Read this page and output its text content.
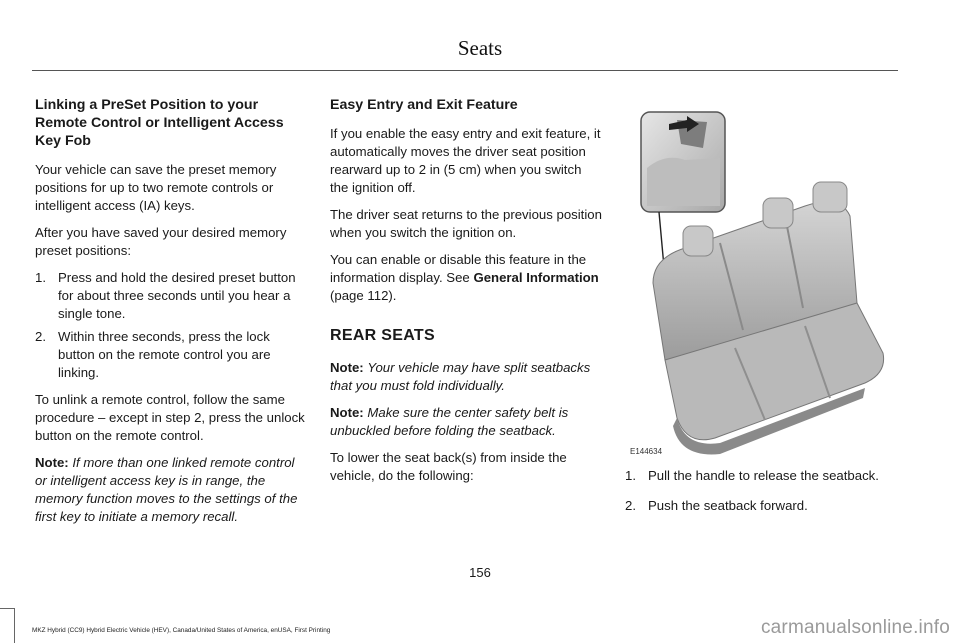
Seats
Linking a PreSet Position to your Remote Control or Intelligent Access Key Fob

Your vehicle can save the preset memory positions for up to two remote controls or intelligent access (IA) keys.

After you have saved your desired memory preset positions:

1. Press and hold the desired preset button for about three seconds until you hear a single tone.
2. Within three seconds, press the lock button on the remote control you are linking.

To unlink a remote control, follow the same procedure – except in step 2, press the unlock button on the remote control.

Note: If more than one linked remote control or intelligent access key is in range, the memory function moves to the settings of the first key to initiate a memory recall.

Easy Entry and Exit Feature

If you enable the easy entry and exit feature, it automatically moves the driver seat position rearward up to 2 in (5 cm) when you switch the ignition off.

The driver seat returns to the previous position when you switch the ignition on.

You can enable or disable this feature in the information display. See General Information (page 112).

REAR SEATS

Note: Your vehicle may have split seatbacks that you must fold individually.

Note: Make sure the center safety belt is unbuckled before folding the seatback.

To lower the seat back(s) from inside the vehicle, do the following:

E144634
1. Pull the handle to release the seatback.
2. Push the seatback forward.
156
MKZ Hybrid (CC9) Hybrid Electric Vehicle (HEV), Canada/United States of America, enUSA, First Printing	carmanualsonline.info
